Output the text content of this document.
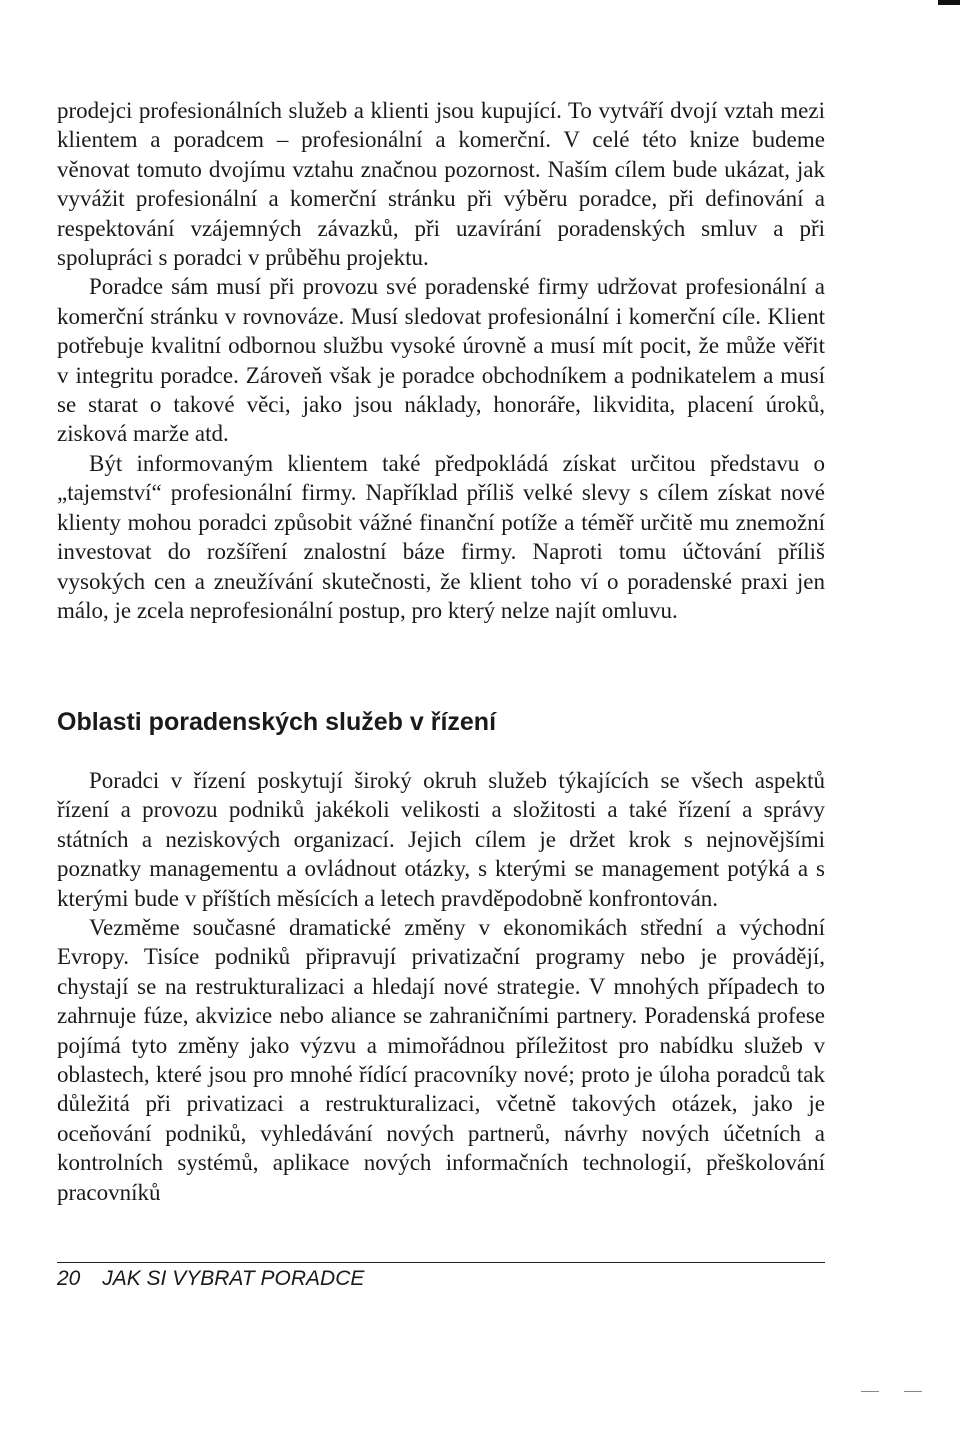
prodejci profesionálních služeb a klienti jsou kupující. To vytváří dvojí vztah mezi klientem a poradcem – profesionální a komerční. V celé této knize budeme věnovat tomuto dvojímu vztahu značnou pozornost. Naším cílem bude ukázat, jak vyvážit profesionální a komerční stránku při výběru poradce, při definování a respektování vzájemných závazků, při uzavírání poradenských smluv a při spolupráci s poradci v průběhu projektu.

Poradce sám musí při provozu své poradenské firmy udržovat profesionální a komerční stránku v rovnováze. Musí sledovat profesionální i komerční cíle. Klient potřebuje kvalitní odbornou službu vysoké úrovně a musí mít pocit, že může věřit v integritu poradce. Zároveň však je poradce obchodníkem a podnikatelem a musí se starat o takové věci, jako jsou náklady, honoráře, likvidita, placení úroků, zisková marže atd.

Být informovaným klientem také předpokládá získat určitou představu o „tajemství“ profesionální firmy. Například příliš velké slevy s cílem získat nové klienty mohou poradci způsobit vážné finanční potíže a téměř určitě mu znemožní investovat do rozšíření znalostní báze firmy. Naproti tomu účtování příliš vysokých cen a zneužívání skutečnosti, že klient toho ví o poradenské praxi jen málo, je zcela neprofesionální postup, pro který nelze najít omluvu.

Oblasti poradenských služeb v řízení

Poradci v řízení poskytují široký okruh služeb týkajících se všech aspektů řízení a provozu podniků jakékoli velikosti a složitosti a také řízení a správy státních a neziskových organizací. Jejich cílem je držet krok s nejnovějšími poznatky managementu a ovládnout otázky, s kterými se management potýká a s kterými bude v příštích měsících a letech pravděpodobně konfrontován.

Vezměme současné dramatické změny v ekonomikách střední a východní Evropy. Tisíce podniků připravují privatizační programy nebo je provádějí, chystají se na restrukturalizaci a hledají nové strategie. V mnohých případech to zahrnuje fúze, akvizice nebo aliance se zahraničními partnery. Poradenská profese pojímá tyto změny jako výzvu a mimořádnou příležitost pro nabídku služeb v oblastech, které jsou pro mnohé řídící pracovníky nové; proto je úloha poradců tak důležitá při privatizaci a restrukturalizaci, včetně takových otázek, jako je oceňování podniků, vyhledávání nových partnerů, návrhy nových účetních a kontrolních systémů, aplikace nových informačních technologií, přeškolování pracovníků

20 JAK SI VYBRAT PORADCE
